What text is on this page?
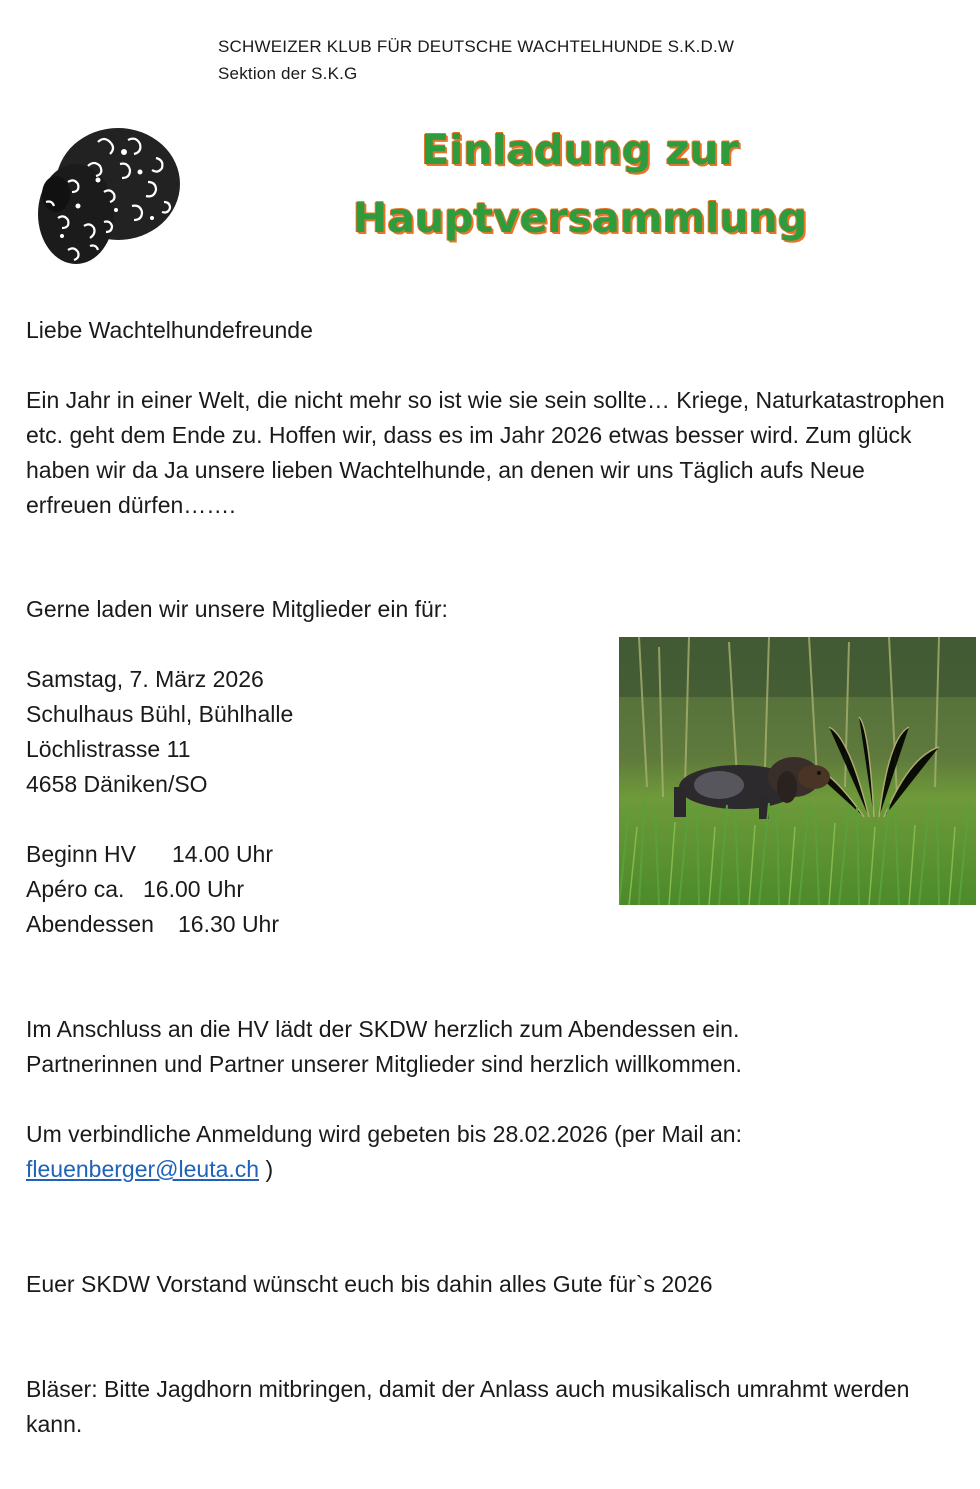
SCHWEIZER KLUB FÜR DEUTSCHE WACHTELHUNDE S.K.D.W
Sektion der S.K.G
Einladung zur
Hauptversammlung
Liebe Wachtelhundefreunde
Ein Jahr in einer Welt, die nicht mehr so ist wie sie sein sollte… Kriege, Naturkatastrophen etc. geht dem Ende zu. Hoffen wir, dass es im Jahr 2026 etwas besser wird. Zum glück haben wir da Ja unsere lieben Wachtelhunde, an denen wir uns Täglich aufs Neue erfreuen dürfen…….
Gerne laden wir unsere Mitglieder ein für:
Samstag, 7. März 2026
Schulhaus Bühl, Bühlhalle
Löchlistrasse 11
4658 Däniken/SO
Beginn HV 14.00 Uhr
Apéro ca. 16.00 Uhr
Abendessen 16.30 Uhr
Im Anschluss an die HV lädt der SKDW herzlich zum Abendessen ein.
Partnerinnen und Partner unserer Mitglieder sind herzlich willkommen.
Um verbindliche Anmeldung wird gebeten bis 28.02.2026 (per Mail an:
fleuenberger@leuta.ch )
Euer SKDW Vorstand wünscht euch bis dahin alles Gute für`s 2026
Bläser: Bitte Jagdhorn mitbringen, damit der Anlass auch musikalisch umrahmt werden kann.
